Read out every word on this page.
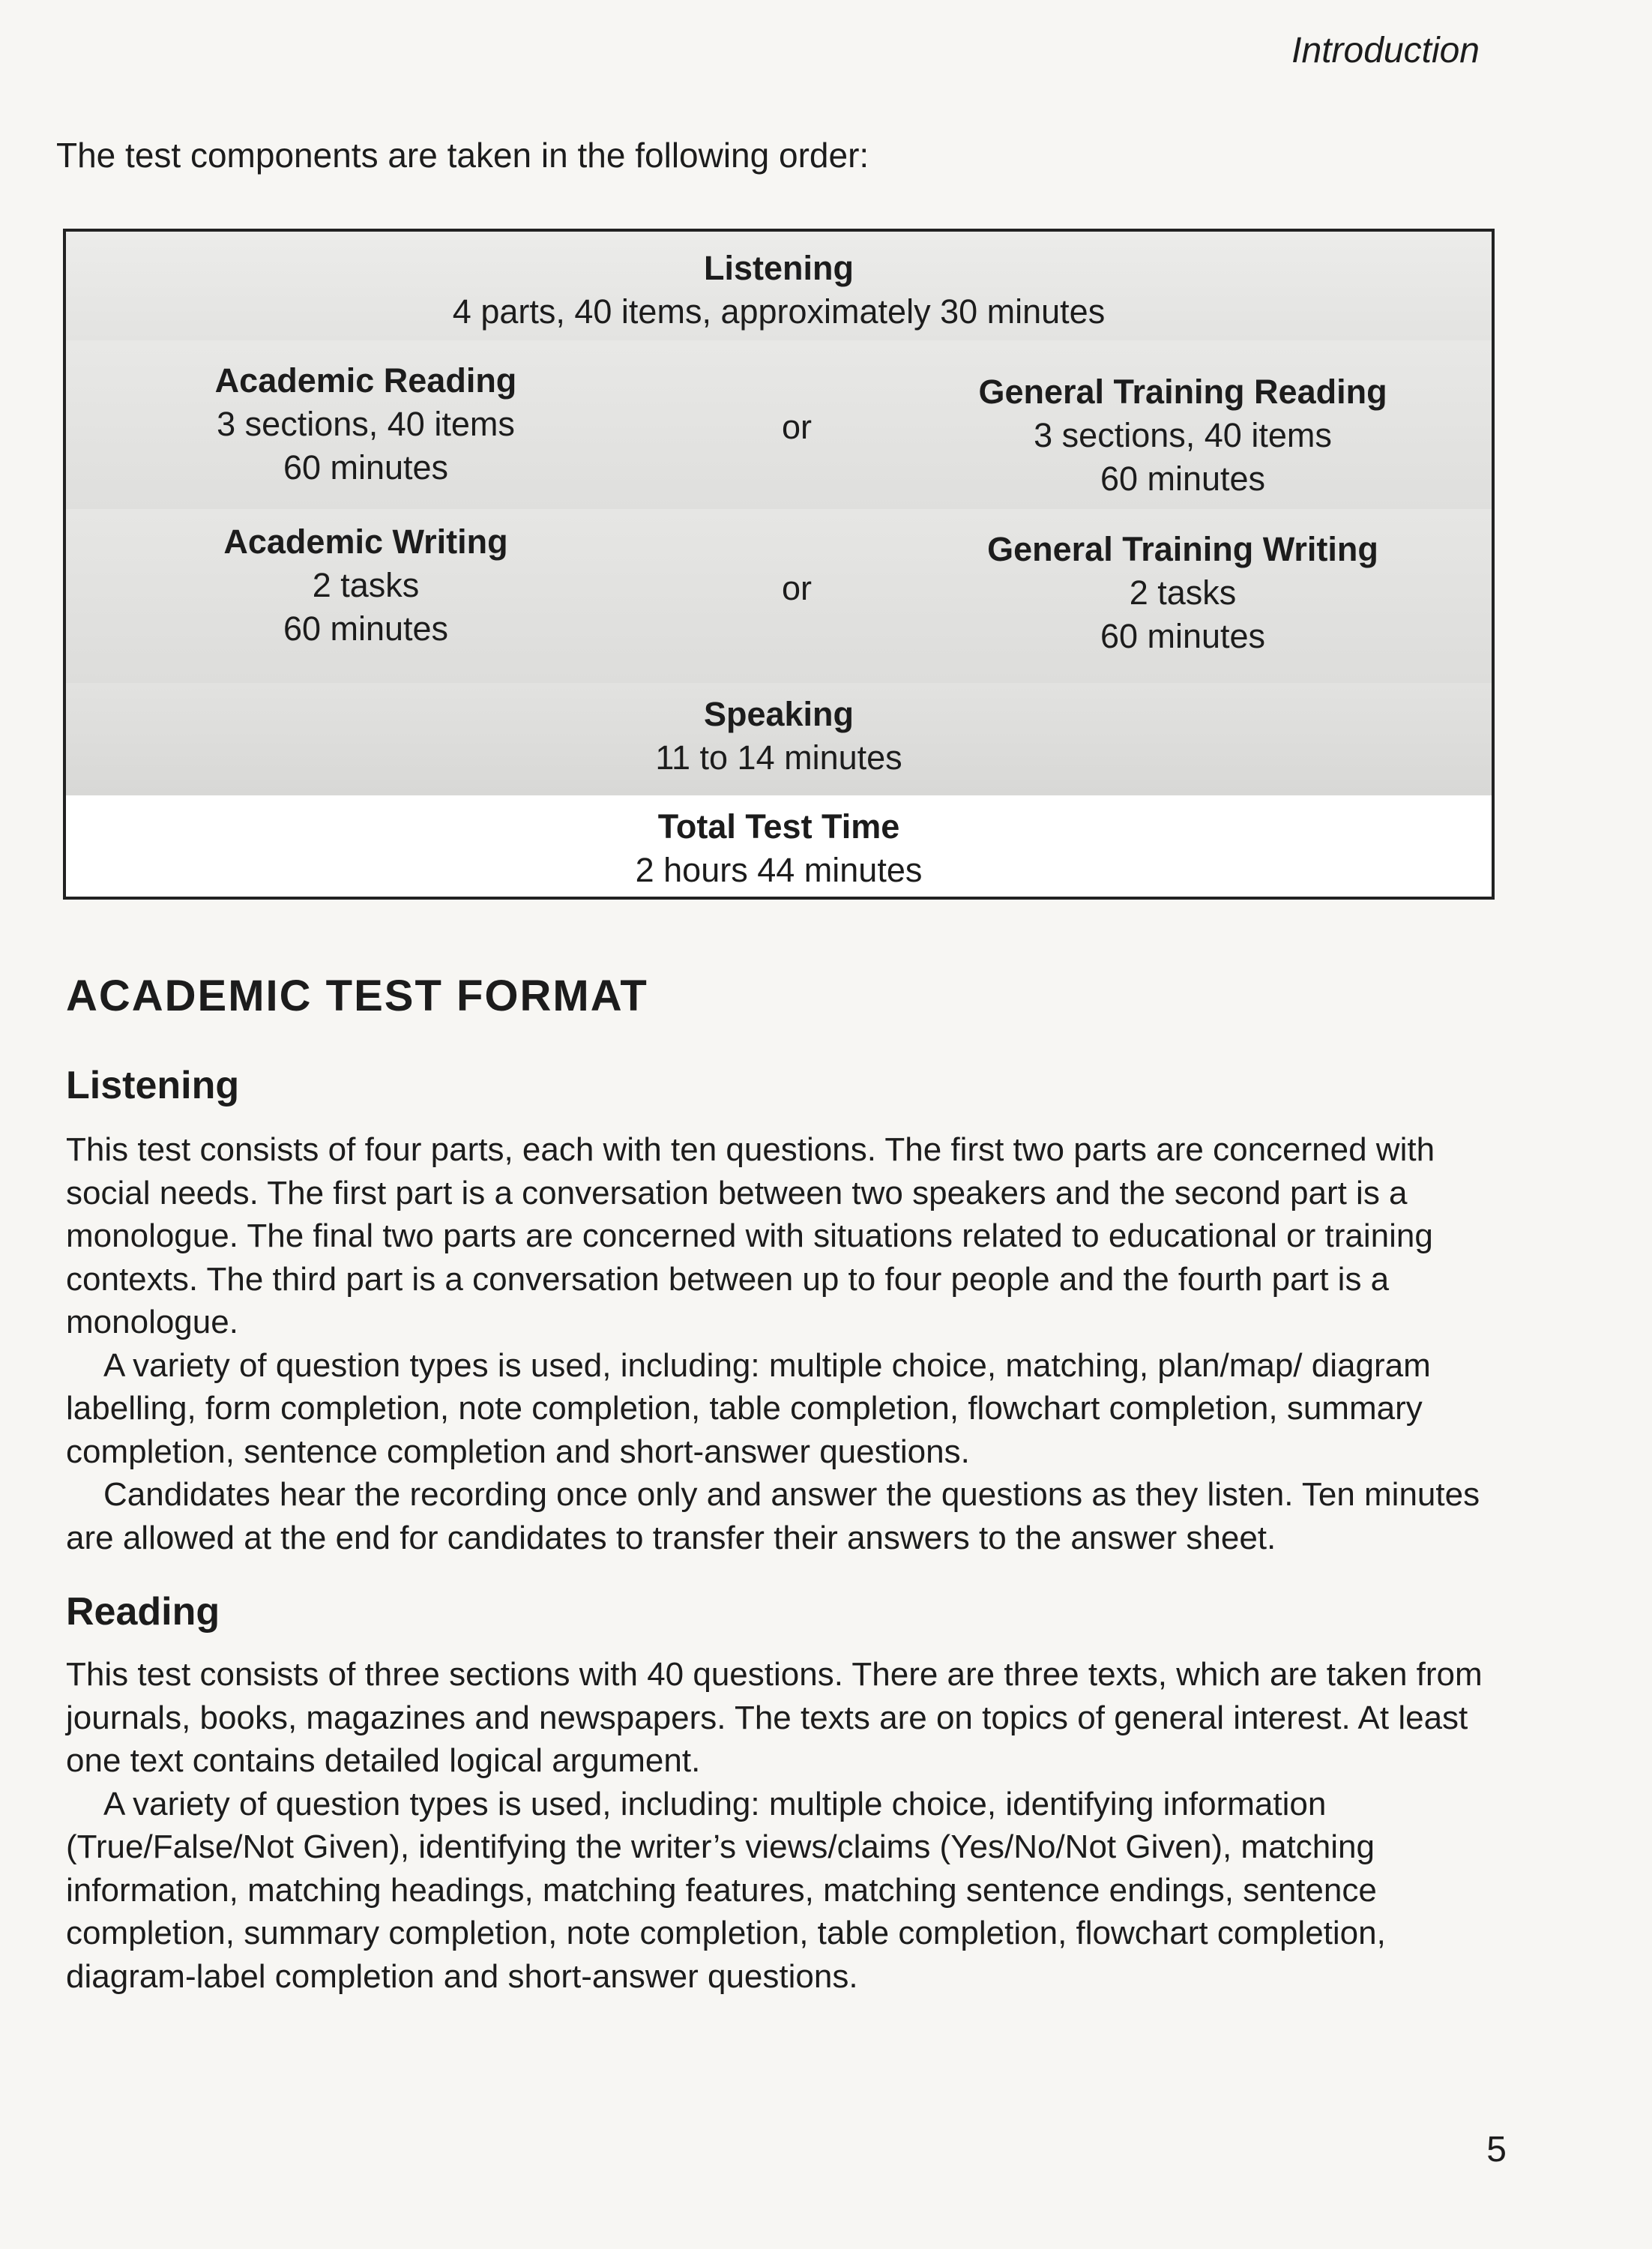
Introduction
The test components are taken in the following order:
Listening
4 parts, 40 items, approximately 30 minutes
Academic Reading
3 sections, 40 items
60 minutes
or
General Training Reading
3 sections, 40 items
60 minutes
Academic Writing
2 tasks
60 minutes
or
General Training Writing
2 tasks
60 minutes
Speaking
11 to 14 minutes
Total Test Time
2 hours 44 minutes
ACADEMIC TEST FORMAT
Listening

This test consists of four parts, each with ten questions. The first two parts are concerned with social needs. The first part is a conversation between two speakers and the second part is a monologue. The final two parts are concerned with situations related to educational or training contexts. The third part is a conversation between up to four people and the fourth part is a monologue.

A variety of question types is used, including: multiple choice, matching, plan/map/ diagram labelling, form completion, note completion, table completion, flowchart completion, summary completion, sentence completion and short-answer questions.

Candidates hear the recording once only and answer the questions as they listen. Ten minutes are allowed at the end for candidates to transfer their answers to the answer sheet.

Reading

This test consists of three sections with 40 questions. There are three texts, which are taken from journals, books, magazines and newspapers. The texts are on topics of general interest. At least one text contains detailed logical argument.

A variety of question types is used, including: multiple choice, identifying information (True/False/Not Given), identifying the writer’s views/claims (Yes/No/Not Given), matching information, matching headings, matching features, matching sentence endings, sentence completion, summary completion, note completion, table completion, flowchart completion, diagram-label completion and short-answer questions.

5
